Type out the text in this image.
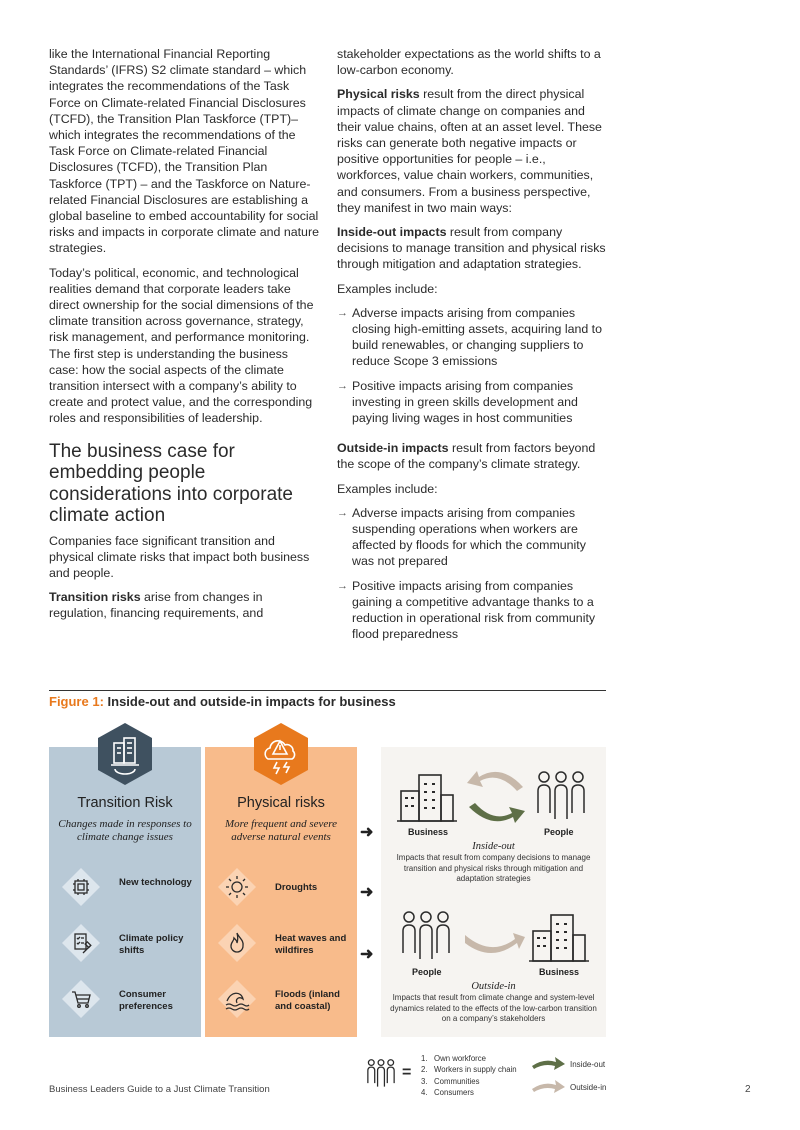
like the International Financial Reporting Standards’ (IFRS) S2 climate standard – which integrates the recommendations of the Task Force on Climate-related Financial Disclosures (TCFD), the Transition Plan Taskforce (TPT)– which integrates the recommendations of the Task Force on Climate-related Financial Disclosures (TCFD), the Transition Plan Taskforce (TPT) – and the Taskforce on Nature-related Financial Disclosures are establishing a global baseline to embed accountability for social risks and impacts in corporate climate and nature strategies.

Today’s political, economic, and technological realities demand that corporate leaders take direct ownership for the social dimensions of the climate transition across governance, strategy, risk management, and performance monitoring. The first step is understanding the business case: how the social aspects of the climate transition intersect with a company’s ability to create and protect value, and the corresponding roles and responsibilities of leadership.

The business case for embedding people considerations into corporate climate action

Companies face significant transition and physical climate risks that impact both business and people.

Transition risks arise from changes in regulation, financing requirements, and

stakeholder expectations as the world shifts to a low-carbon economy.

Physical risks result from the direct physical impacts of climate change on companies and their value chains, often at an asset level. These risks can generate both negative impacts or positive opportunities for people – i.e., workforces, value chain workers, communities, and consumers. From a business perspective, they manifest in two main ways:

Inside-out impacts result from company decisions to manage transition and physical risks through mitigation and adaptation strategies.

Examples include:

→ Adverse impacts arising from companies closing high-emitting assets, acquiring land to build renewables, or changing suppliers to reduce Scope 3 emissions
→ Positive impacts arising from companies investing in green skills development and paying living wages in host communities

Outside-in impacts result from factors beyond the scope of the company’s climate strategy.

Examples include:

→ Adverse impacts arising from companies suspending operations when workers are affected by floods for which the community was not prepared
→ Positive impacts arising from companies gaining a competitive advantage thanks to a reduction in operational risk from community flood preparedness
Figure 1: Inside-out and outside-in impacts for business
Transition Risk
Changes made in responses to climate change issues
New technology
Climate policy shifts
Consumer preferences
Physical risks
More frequent and severe adverse natural events
Droughts
Heat waves and wildfires
Floods (inland and coastal)
➜
➜
➜
Business	People
Inside-out
Impacts that result from company decisions to manage transition and physical risks through mitigation and adaptation strategies
People	Business
Outside-in
Impacts that result from climate change and system-level dynamics related to the effects of the low-carbon transition on a company’s stakeholders
=
1.   Own workforce
2.   Workers in supply chain
3.   Communities
4.   Consumers
Inside-out
Outside-in
Business Leaders Guide to a Just Climate Transition	2
